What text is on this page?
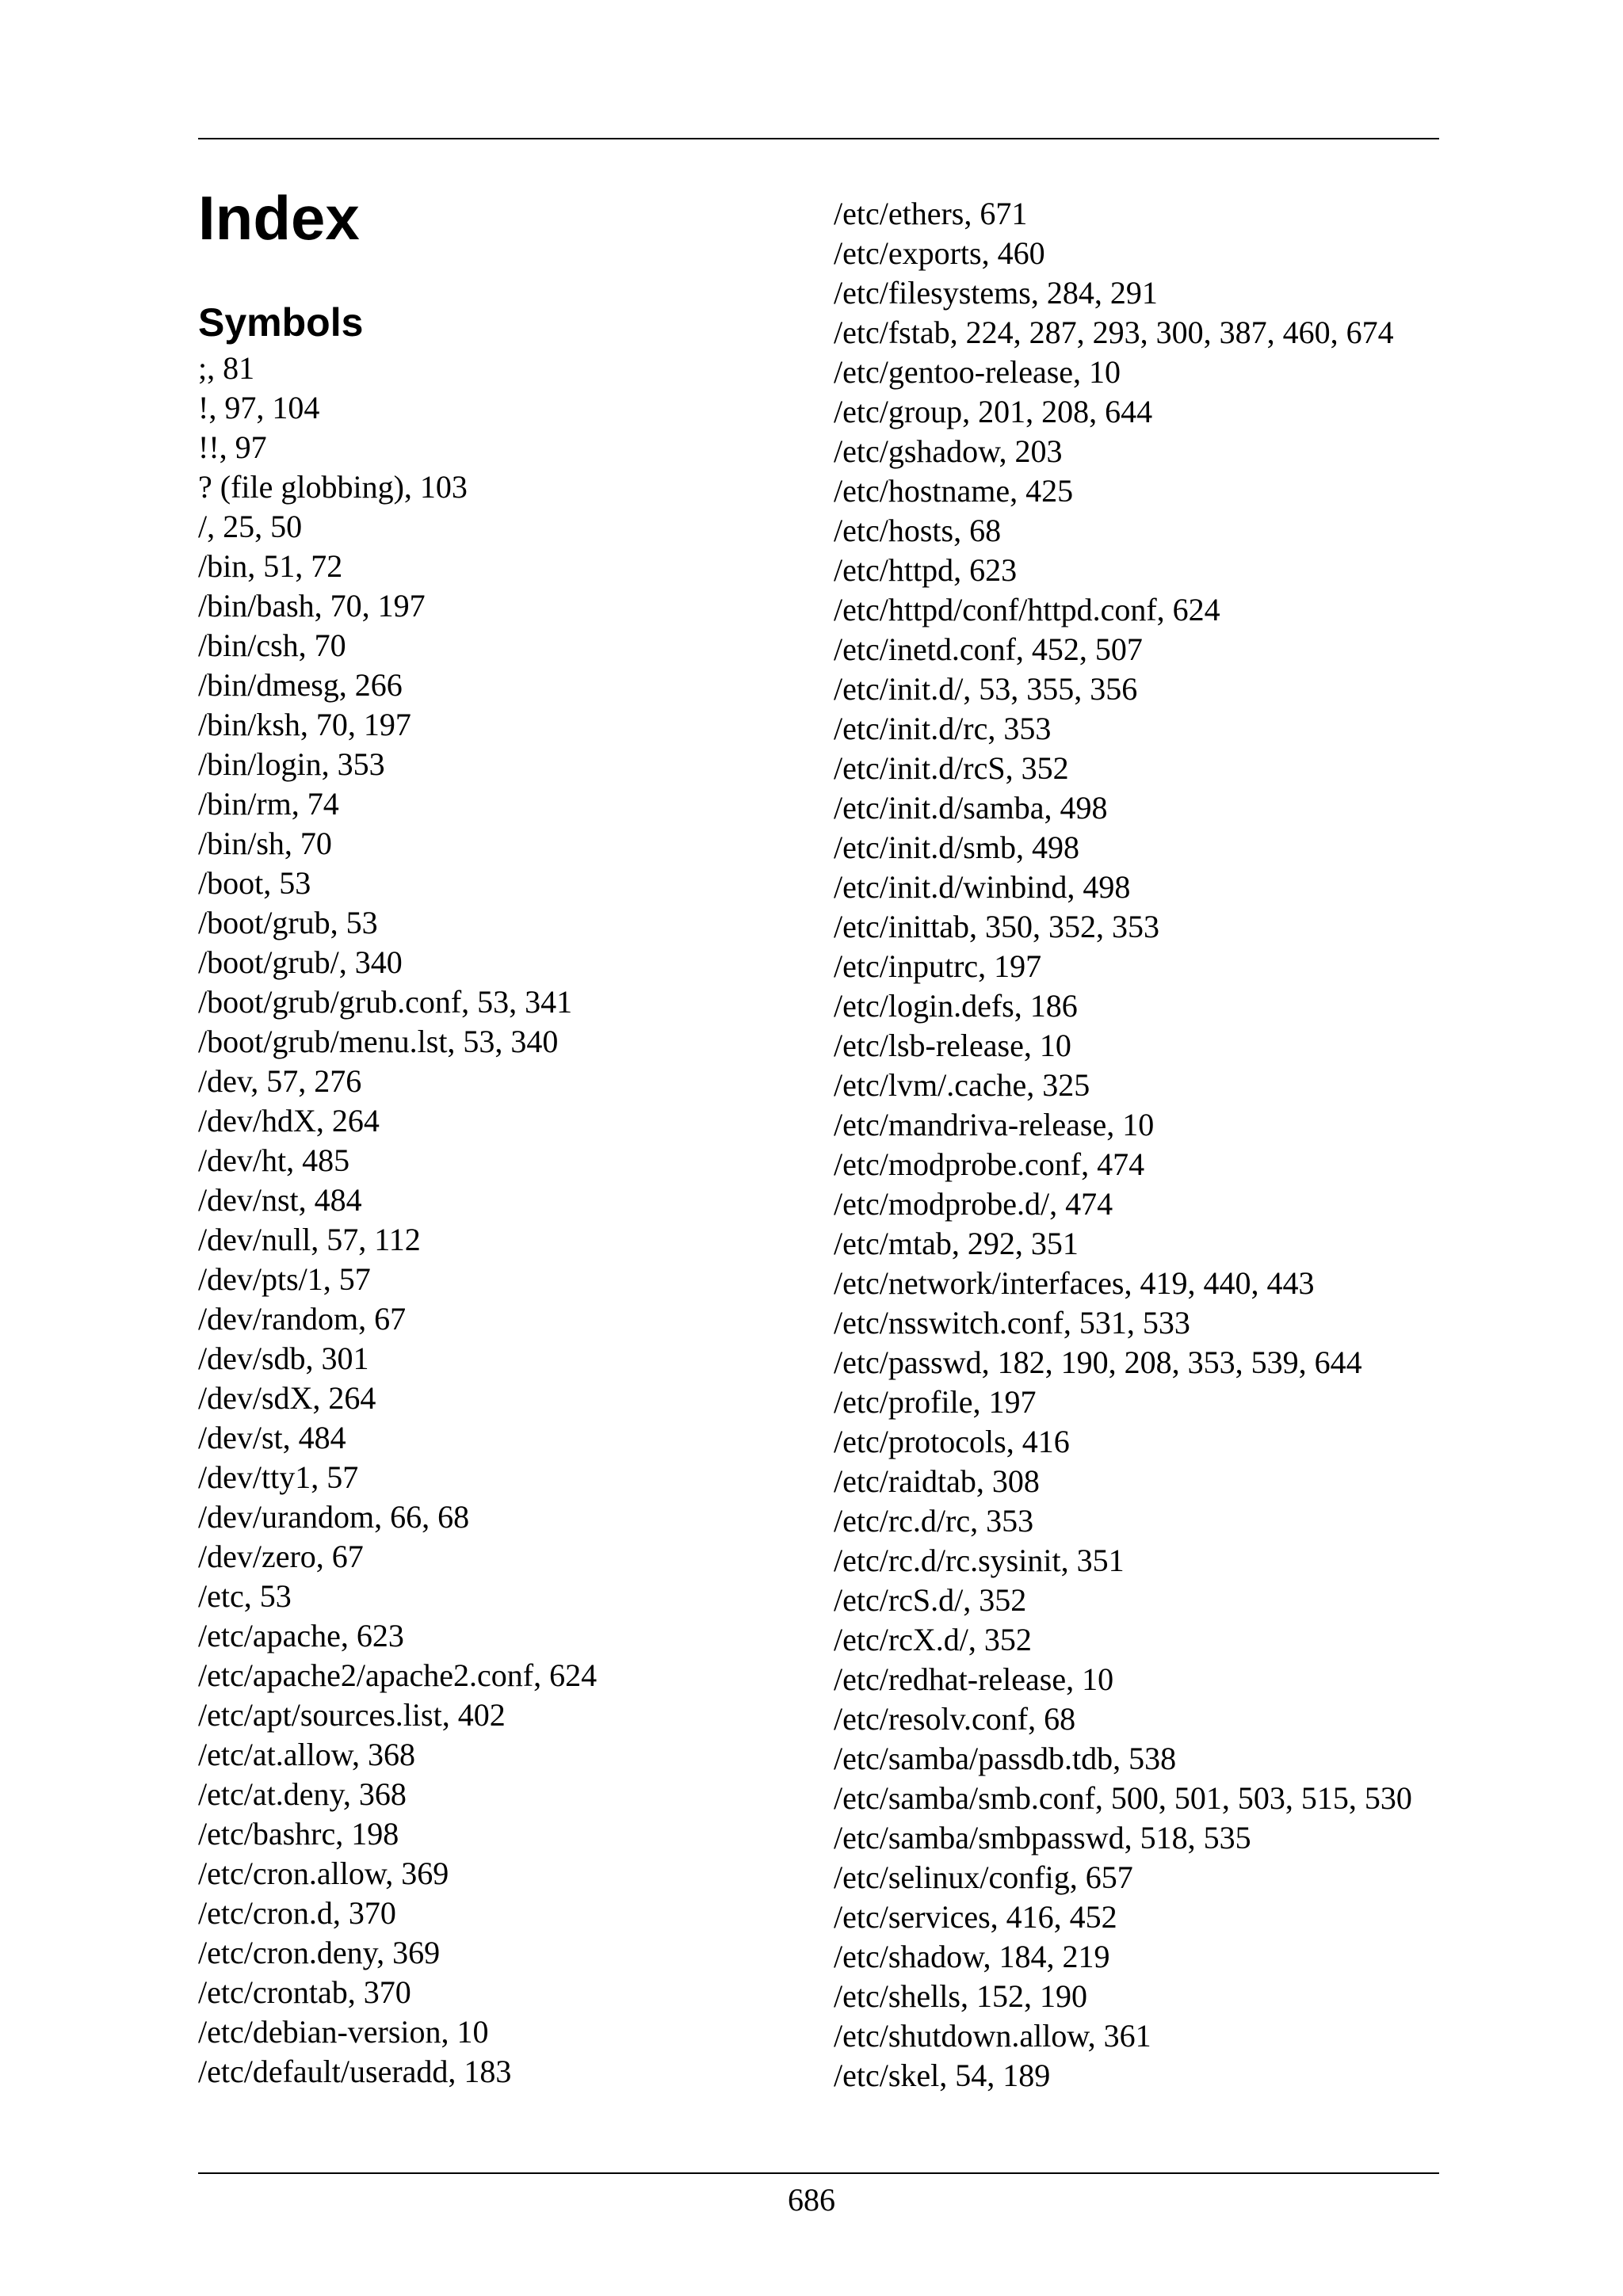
Index
Symbols
;, 81
!, 97, 104
!!, 97
? (file globbing), 103
/, 25, 50
/bin, 51, 72
/bin/bash, 70, 197
/bin/csh, 70
/bin/dmesg, 266
/bin/ksh, 70, 197
/bin/login, 353
/bin/rm, 74
/bin/sh, 70
/boot, 53
/boot/grub, 53
/boot/grub/, 340
/boot/grub/grub.conf, 53, 341
/boot/grub/menu.lst, 53, 340
/dev, 57, 276
/dev/hdX, 264
/dev/ht, 485
/dev/nst, 484
/dev/null, 57, 112
/dev/pts/1, 57
/dev/random, 67
/dev/sdb, 301
/dev/sdX, 264
/dev/st, 484
/dev/tty1, 57
/dev/urandom, 66, 68
/dev/zero, 67
/etc, 53
/etc/apache, 623
/etc/apache2/apache2.conf, 624
/etc/apt/sources.list, 402
/etc/at.allow, 368
/etc/at.deny, 368
/etc/bashrc, 198
/etc/cron.allow, 369
/etc/cron.d, 370
/etc/cron.deny, 369
/etc/crontab, 370
/etc/debian-version, 10
/etc/default/useradd, 183
/etc/ethers, 671
/etc/exports, 460
/etc/filesystems, 284, 291
/etc/fstab, 224, 287, 293, 300, 387, 460, 674
/etc/gentoo-release, 10
/etc/group, 201, 208, 644
/etc/gshadow, 203
/etc/hostname, 425
/etc/hosts, 68
/etc/httpd, 623
/etc/httpd/conf/httpd.conf, 624
/etc/inetd.conf, 452, 507
/etc/init.d/, 53, 355, 356
/etc/init.d/rc, 353
/etc/init.d/rcS, 352
/etc/init.d/samba, 498
/etc/init.d/smb, 498
/etc/init.d/winbind, 498
/etc/inittab, 350, 352, 353
/etc/inputrc, 197
/etc/login.defs, 186
/etc/lsb-release, 10
/etc/lvm/.cache, 325
/etc/mandriva-release, 10
/etc/modprobe.conf, 474
/etc/modprobe.d/, 474
/etc/mtab, 292, 351
/etc/network/interfaces, 419, 440, 443
/etc/nsswitch.conf, 531, 533
/etc/passwd, 182, 190, 208, 353, 539, 644
/etc/profile, 197
/etc/protocols, 416
/etc/raidtab, 308
/etc/rc.d/rc, 353
/etc/rc.d/rc.sysinit, 351
/etc/rcS.d/, 352
/etc/rcX.d/, 352
/etc/redhat-release, 10
/etc/resolv.conf, 68
/etc/samba/passdb.tdb, 538
/etc/samba/smb.conf, 500, 501, 503, 515, 530
/etc/samba/smbpasswd, 518, 535
/etc/selinux/config, 657
/etc/services, 416, 452
/etc/shadow, 184, 219
/etc/shells, 152, 190
/etc/shutdown.allow, 361
/etc/skel, 54, 189
686
